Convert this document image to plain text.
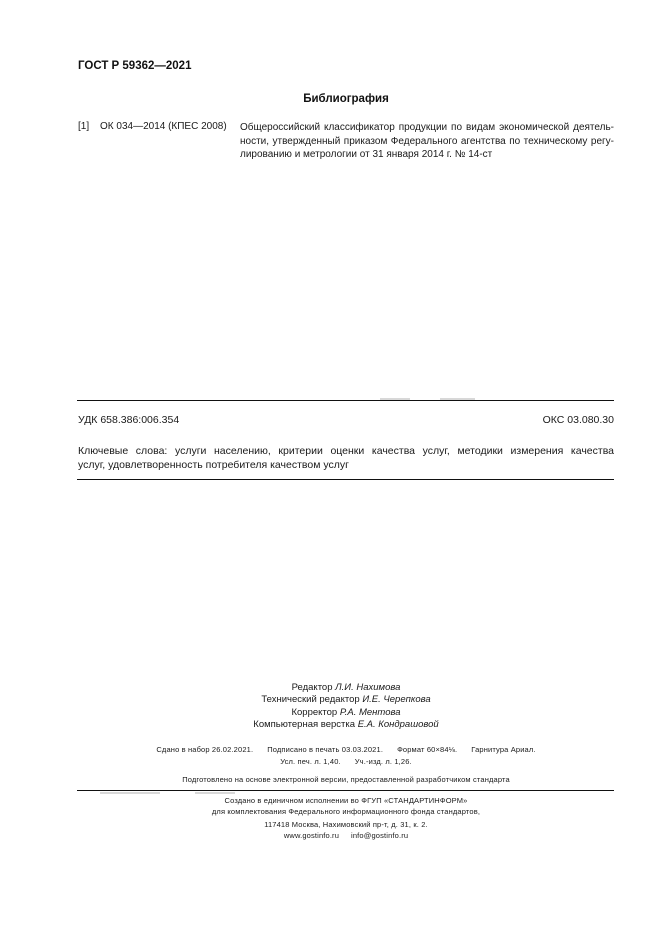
ГОСТ Р 59362—2021
Библиография
[1] ОК 034—2014 (КПЕС 2008) Общероссийский классификатор продукции по видам экономической деятель-
ности, утвержденный приказом Федерального агентства по техническому регу-
лированию и метрологии от 31 января 2014 г. № 14-ст
УДК 658.386:006.354	ОКС 03.080.30
Ключевые слова: услуги населению, критерии оценки качества услуг, методики измерения качества
услуг, удовлетворенность потребителя качеством услуг
Редактор Л.И. Нахимова
Технический редактор И.Е. Черепкова
Корректор Р.А. Ментова
Компьютерная верстка Е.А. Кондрашовой
Сдано в набор 26.02.2021. Подписано в печать 03.03.2021. Формат 60×84⅛. Гарнитура Ариал.
Усл. печ. л. 1,40. Уч.-изд. л. 1,26.
Подготовлено на основе электронной версии, предоставленной разработчиком стандарта
Создано в единичном исполнении во ФГУП «СТАНДАРТИНФОРМ»
для комплектования Федерального информационного фонда стандартов,
117418 Москва, Нахимовский пр-т, д. 31, к. 2.
www.gostinfo.ru info@gostinfo.ru
